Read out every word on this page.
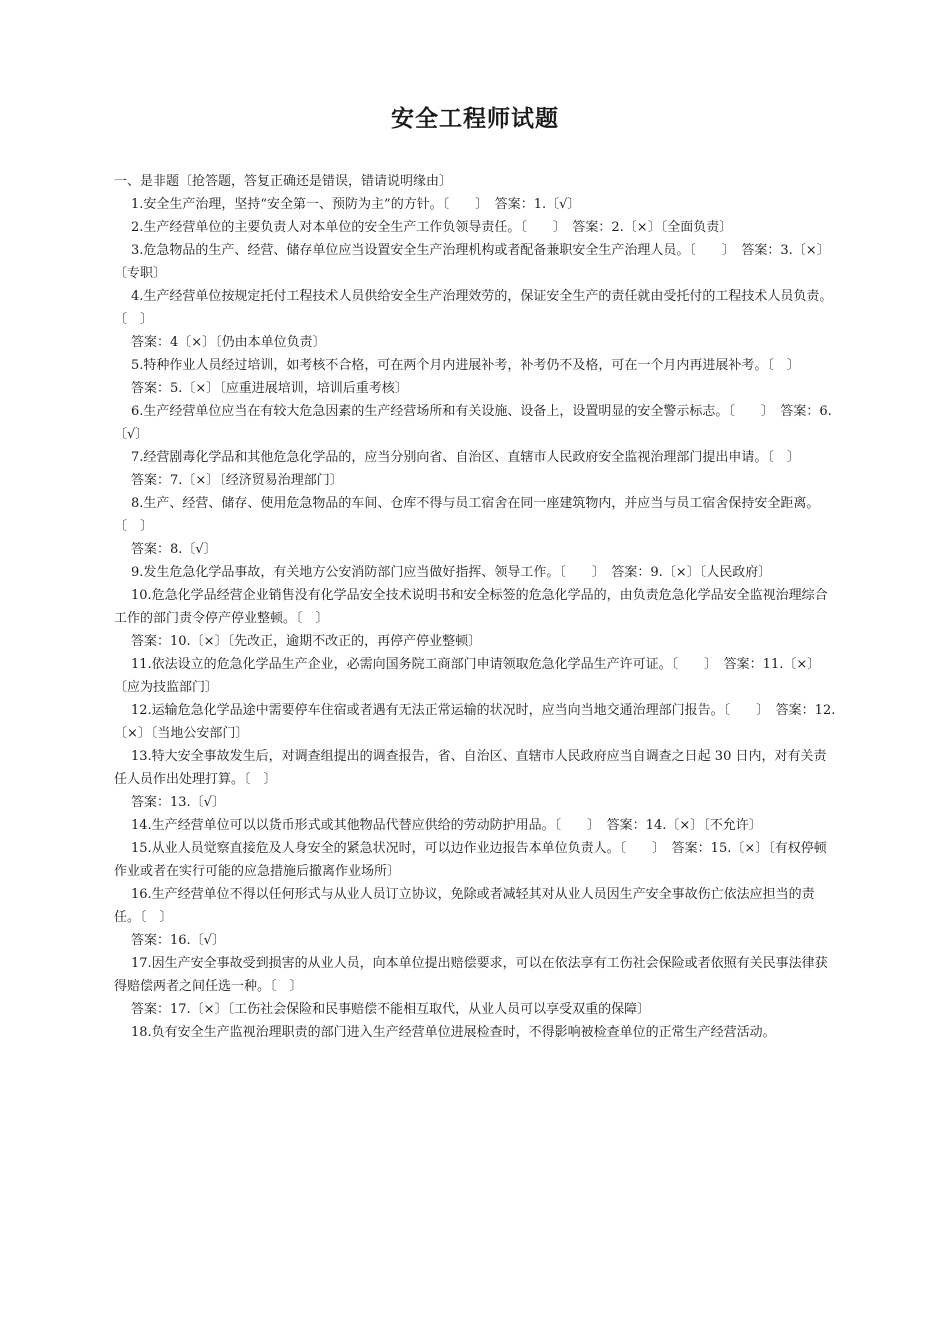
安全工程师试题

一、是非题〔抢答题，答复正确还是错误，错请说明缘由〕

1.安全生产治理，坚持“安全第一、预防为主”的方针。〔　　〕　答案：1.〔√〕

2.生产经营单位的主要负责人对本单位的安全生产工作负领导责任。〔　　〕　答案：2.〔×〕〔全面负责〕

3.危急物品的生产、经营、储存单位应当设置安全生产治理机构或者配备兼职安全生产治理人员。〔　　〕　答案：3.〔×〕〔专职〕

4.生产经营单位按规定托付工程技术人员供给安全生产治理效劳的，保证安全生产的责任就由受托付的工程技术人员负责。〔　〕

答案：4〔×〕〔仍由本单位负责〕

5.特种作业人员经过培训，如考核不合格，可在两个月内进展补考，补考仍不及格，可在一个月内再进展补考。〔　〕

答案：5.〔×〕〔应重进展培训，培训后重考核〕

6.生产经营单位应当在有较大危急因素的生产经营场所和有关设施、设备上，设置明显的安全警示标志。〔　　〕　答案：6.〔√〕

7.经营剧毒化学品和其他危急化学品的，应当分别向省、自治区、直辖市人民政府安全监视治理部门提出申请。〔　〕

答案：7.〔×〕〔经济贸易治理部门〕

8.生产、经营、储存、使用危急物品的车间、仓库不得与员工宿舍在同一座建筑物内，并应当与员工宿舍保持安全距离。〔　〕

答案：8.〔√〕

9.发生危急化学品事故，有关地方公安消防部门应当做好指挥、领导工作。〔　　〕　答案：9.〔×〕〔人民政府〕

10.危急化学品经营企业销售没有化学品安全技术说明书和安全标签的危急化学品的，由负责危急化学品安全监视治理综合工作的部门责令停产停业整顿。〔　〕

答案：10.〔×〕〔先改正，逾期不改正的，再停产停业整顿〕

11.依法设立的危急化学品生产企业，必需向国务院工商部门申请领取危急化学品生产许可证。〔　　〕　答案：11.〔×〕〔应为技监部门〕

12.运输危急化学品途中需要停车住宿或者遇有无法正常运输的状况时，应当向当地交通治理部门报告。〔　　〕　答案：12.〔×〕〔当地公安部门〕

13.特大安全事故发生后，对调查组提出的调查报告，省、自治区、直辖市人民政府应当自调查之日起 30 日内，对有关责任人员作出处理打算。〔　〕

答案：13.〔√〕

14.生产经营单位可以以货币形式或其他物品代替应供给的劳动防护用品。〔　　〕　答案：14.〔×〕〔不允许〕

15.从业人员觉察直接危及人身安全的紧急状况时，可以边作业边报告本单位负责人。〔　　〕　答案：15.〔×〕〔有权停顿作业或者在实行可能的应急措施后撤离作业场所〕

16.生产经营单位不得以任何形式与从业人员订立协议，免除或者减轻其对从业人员因生产安全事故伤亡依法应担当的责任。〔　〕

答案：16.〔√〕

17.因生产安全事故受到损害的从业人员，向本单位提出赔偿要求，可以在依法享有工伤社会保险或者依照有关民事法律获得赔偿两者之间任选一种。〔　〕

答案：17.〔×〕〔工伤社会保险和民事赔偿不能相互取代，从业人员可以享受双重的保障〕

18.负有安全生产监视治理职责的部门进入生产经营单位进展检查时，不得影响被检查单位的正常生产经营活动。
